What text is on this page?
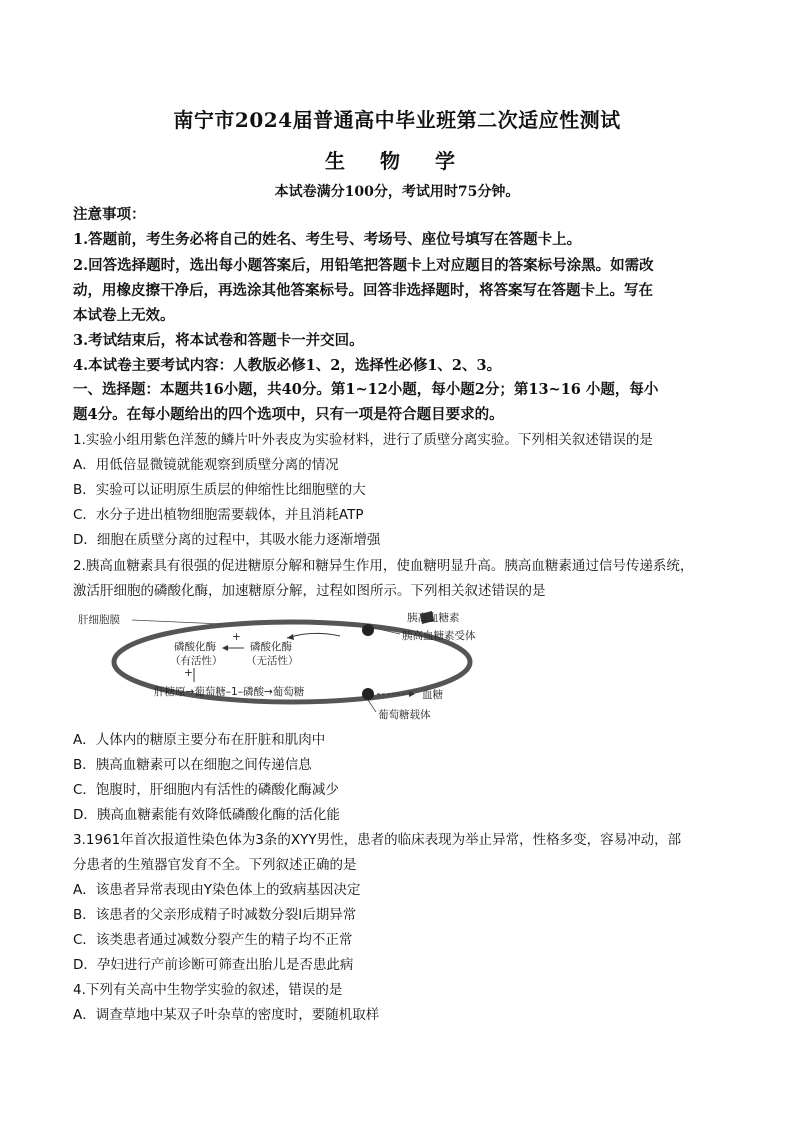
南宁市2024届普通高中毕业班第二次适应性测试
生 物 学
本试卷满分100分，考试用时75分钟。
注意事项：
1.答题前，考生务必将自己的姓名、考生号、考场号、座位号填写在答题卡上。
2.回答选择题时，选出每小题答案后，用铅笔把答题卡上对应题目的答案标号涂黑。如需改
动，用橡皮擦干净后，再选涂其他答案标号。回答非选择题时，将答案写在答题卡上。写在
本试卷上无效。
3.考试结束后，将本试卷和答题卡一并交回。
4.本试卷主要考试内容：人教版必修1、2，选择性必修1、2、3。
一、选择题：本题共16小题，共40分。第1~12小题，每小题2分；第13~16 小题，每小
题4分。在每小题给出的四个选项中，只有一项是符合题目要求的。
1.实验小组用紫色洋葱的鳞片叶外表皮为实验材料，进行了质壁分离实验。下列相关叙述错误的是
A．用低倍显微镜就能观察到质壁分离的情况
B．实验可以证明原生质层的伸缩性比细胞壁的大
C．水分子进出植物细胞需要载体，并且消耗ATP
D．细胞在质壁分离的过程中，其吸水能力逐渐增强
2.胰高血糖素具有很强的促进糖原分解和糖异生作用，使血糖明显升高。胰高血糖素通过信号传递系统，
激活肝细胞的磷酸化酶，加速糖原分解，过程如图所示。下列相关叙述错误的是
肝细胞膜	胰高血糖素
胰高血糖素受体
磷酸化酶
（有活性）
磷酸化酶
（无活性）
+
+
肝糖原→葡萄糖–1–磷酸→葡萄糖	血糖
葡萄糖载体
A．人体内的糖原主要分布在肝脏和肌肉中
B．胰高血糖素可以在细胞之间传递信息
C．饱腹时，肝细胞内有活性的磷酸化酶减少
D．胰高血糖素能有效降低磷酸化酶的活化能
3.1961年首次报道性染色体为3条的XYY男性，患者的临床表现为举止异常，性格多变，容易冲动，部
分患者的生殖器官发育不全。下列叙述正确的是
A．该患者异常表现由Y染色体上的致病基因决定
B．该患者的父亲形成精子时减数分裂Ⅰ后期异常
C．该类患者通过减数分裂产生的精子均不正常
D．孕妇进行产前诊断可筛查出胎儿是否患此病
4.下列有关高中生物学实验的叙述，错误的是
A．调查草地中某双子叶杂草的密度时，要随机取样
